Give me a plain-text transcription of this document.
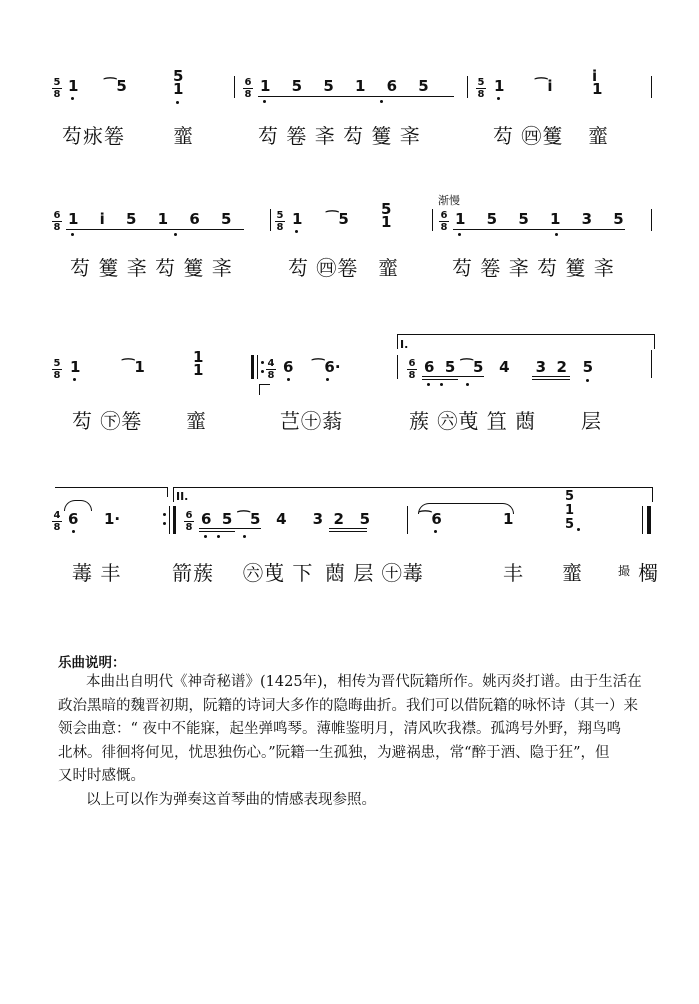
5
8 1 ⁀5
5
1	6
8 1 5 5 1 6 5	5
8 1 ⁀i
i
1
芶㽷箞 韲	芶 箞 㪯 芶 籆 㪯	芶 ㊃籆 韲
渐慢
6
8 1 i 5 1 6 5	5
8 1 ⁀5
5
1	6
8 1 5 5 1 3 5
芶 籆 㪯 芶 籆 㪯	芶 ㊃箞 韲	芶 箞 㪯 芶 籆 㪯
5
8 1	⁀1
1
1	4
8 6 ⁀6·
I.
6
8 6  5 ⁀5   4     3  2   5
芶 ㊦箞 韲	芑㊉蓊	蔟 ㊅䒶 笡 蕄 层
4
8 6 1·
II.
6
8 6  5 ⁀5   4     3  2   5	⁀6	1
5
1
5
䓯 丰	箭蔟 ㊅䒶 下 蕄 层 ㊉䓯	丰 韲	撮 㯮
乐曲说明：
本曲出自明代《神奇秘谱》(1425年)，相传为晋代阮籍所作。姚丙炎打谱。由于生活在
政治黑暗的魏晋初期，阮籍的诗词大多作的隐晦曲折。我们可以借阮籍的咏怀诗（其一）来
领会曲意：“ 夜中不能寐，起坐弹鸣琴。薄帷鉴明月，清风吹我襟。孤鸿号外野，翔鸟鸣
北林。徘徊将何见，忧思独伤心。”阮籍一生孤独，为避祸患，常“醉于酒、隐于狂”，但
又时时感慨。
以上可以作为弹奏这首琴曲的情感表现参照。
